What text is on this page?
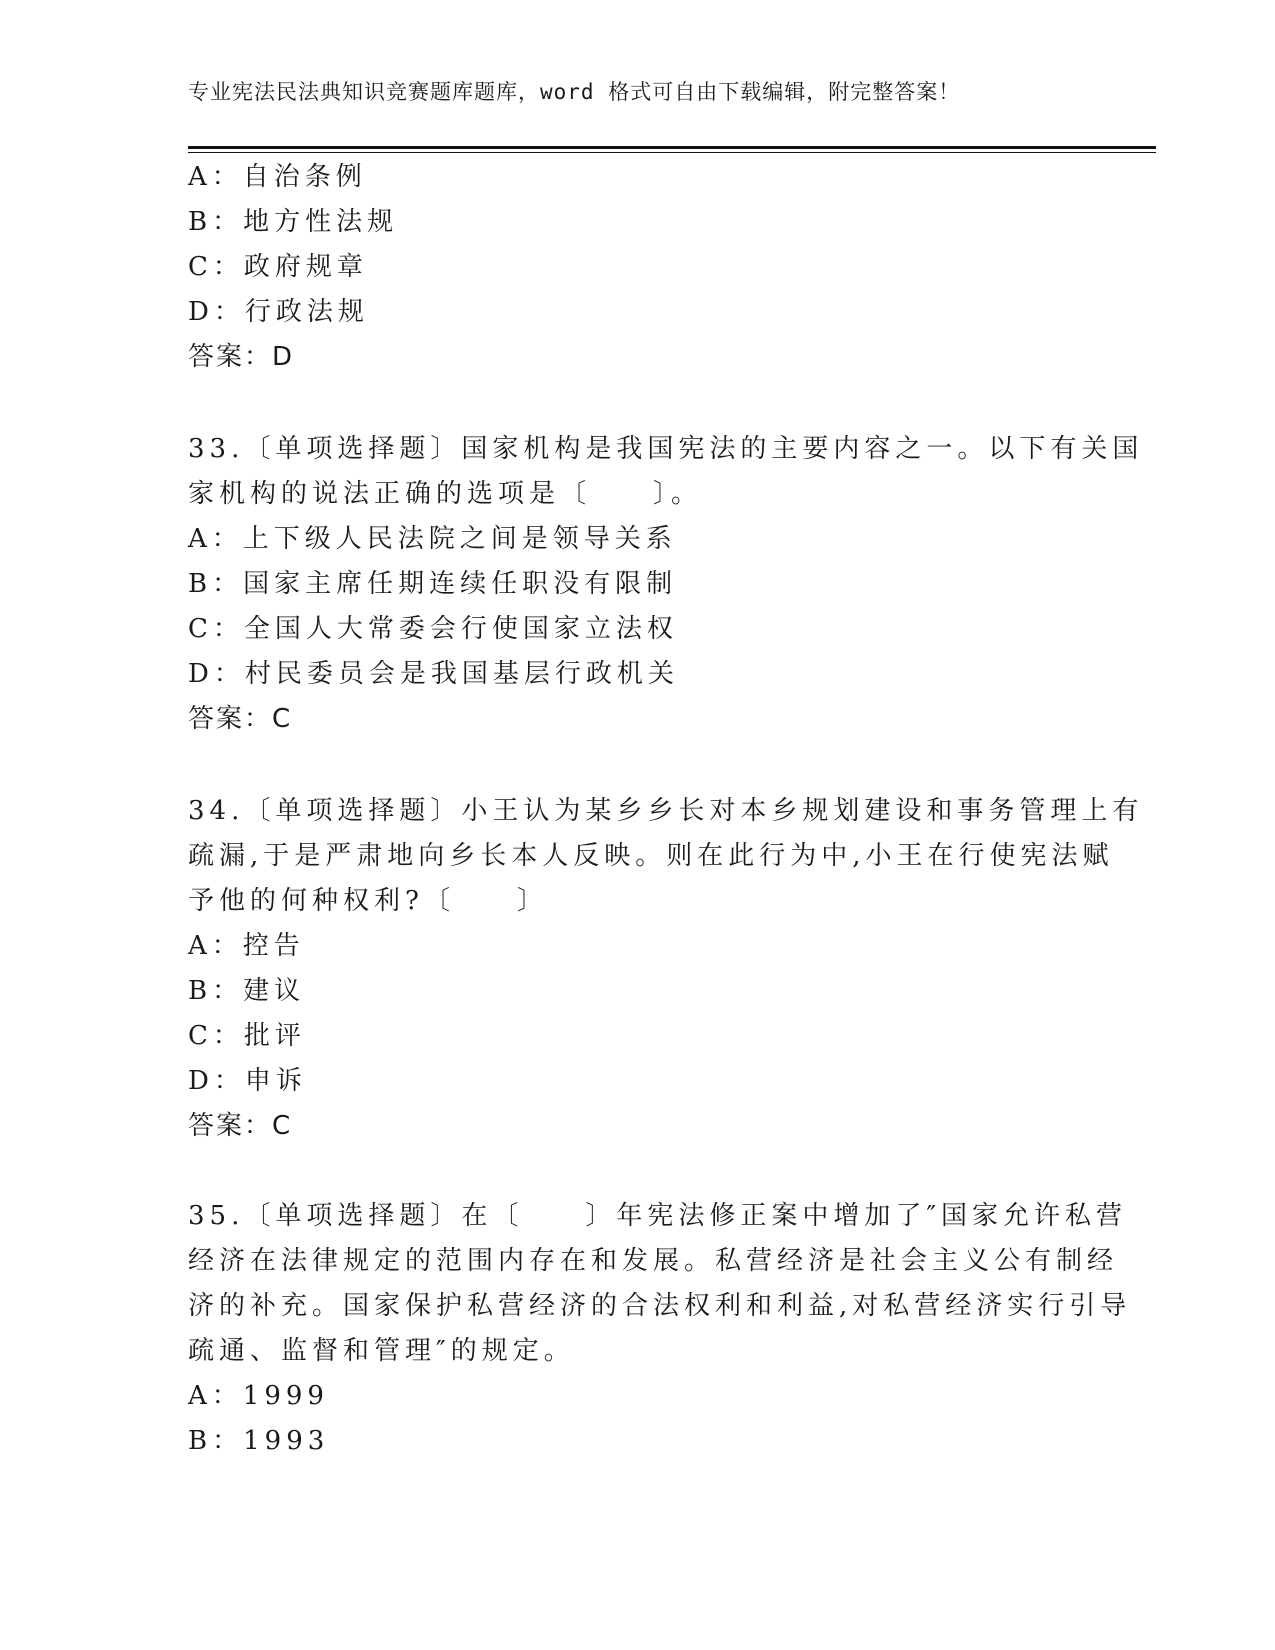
专业宪法民法典知识竞赛题库题库，word 格式可自由下载编辑，附完整答案！
A：自治条例
B：地方性法规
C：政府规章
D：行政法规
答案：D
33.〔单项选择题〕国家机构是我国宪法的主要内容之一。以下有关国
家机构的说法正确的选项是〔　　〕。
A：上下级人民法院之间是领导关系
B：国家主席任期连续任职没有限制
C：全国人大常委会行使国家立法权
D：村民委员会是我国基层行政机关
答案：C
34.〔单项选择题〕小王认为某乡乡长对本乡规划建设和事务管理上有
疏漏,于是严肃地向乡长本人反映。则在此行为中,小王在行使宪法赋
予他的何种权利?〔　　〕
A：控告
B：建议
C：批评
D：申诉
答案：C
35.〔单项选择题〕在〔　　〕年宪法修正案中增加了″国家允许私营
经济在法律规定的范围内存在和发展。私营经济是社会主义公有制经
济的补充。国家保护私营经济的合法权利和利益,对私营经济实行引导
疏通、监督和管理″的规定。
A：1999
B：1993
